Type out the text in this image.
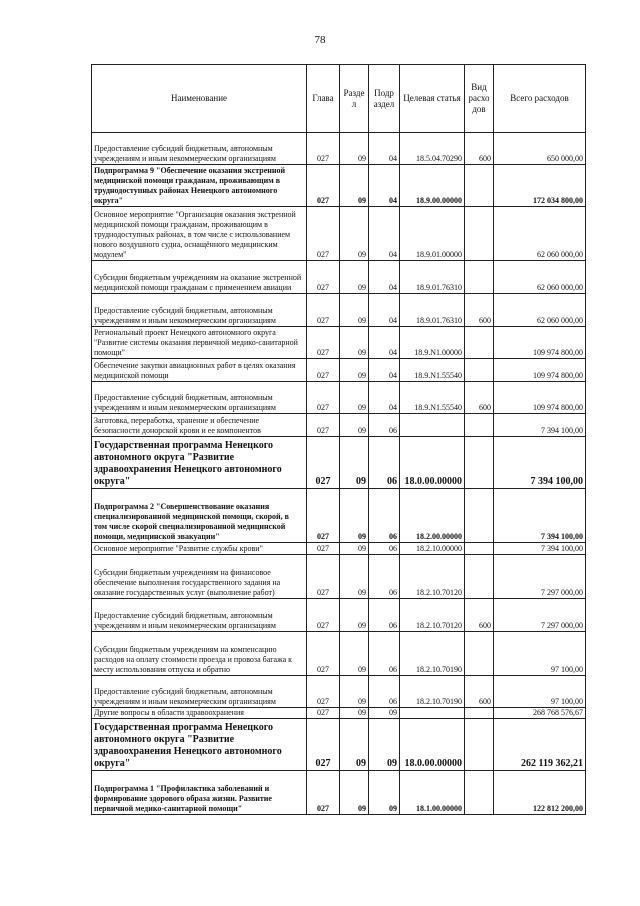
78
Наименование	Глава	Разде л	Подр аздел	Целевая статья	Вид расхо дов	Всего расходов
Предоставление субсидий бюджетным, автономным учреждениям и иным некоммерческим организациям	027	09	04	18.5.04.70290	600	650 000,00
Подпрограмма 9 "Обеспечение оказания экстренной медицинской помощи гражданам, проживающим в труднодоступных районах Ненецкого автономного округа"	027	09	04	18.9.00.00000		172 034 800,00
Основное мероприятие "Организация оказания экстренной медицинской помощи гражданам, проживающим в труднодоступных районах, в том числе с использованием нового воздушного судна, оснащённого медицинским модулем"	027	09	04	18.9.01.00000		62 060 000,00
Субсидии бюджетным учреждениям на оказание экстренной медицинской помощи гражданам с применением авиации	027	09	04	18.9.01.76310		62 060 000,00
Предоставление субсидий бюджетным, автономным учреждениям и иным некоммерческим организациям	027	09	04	18.9.01.76310	600	62 060 000,00
Региональный проект Ненецкого автономного округа "Развитие системы оказания первичной медико-санитарной помощи"	027	09	04	18.9.N1.00000		109 974 800,00
Обеспечение закупки авиационных работ в целях оказания медицинской помощи	027	09	04	18.9.N1.55540		109 974 800,00
Предоставление субсидий бюджетным, автономным учреждениям и иным некоммерческим организациям	027	09	04	18.9.N1.55540	600	109 974 800,00
Заготовка, переработка, хранение и обеспечение безопасности донорской крови и ее компонентов	027	09	06			7 394 100,00
Государственная программа Ненецкого автономного округа "Развитие здравоохранения Ненецкого автономного округа"	027	09	06	18.0.00.00000		7 394 100,00
Подпрограмма 2 "Совершенствование оказания специализированной медицинской помощи, скорой, в том числе скорой специализированной медицинской помощи, медицинской эвакуации"	027	09	06	18.2.00.00000		7 394 100,00
Основное мероприятие "Развитие службы крови"	027	09	06	18.2.10.00000		7 394 100,00
Субсидии бюджетным учреждениям на финансовое обеспечение выполнения государственного задания на оказание государственных услуг (выполнение работ)	027	09	06	18.2.10.70120		7 297 000,00
Предоставление субсидий бюджетным, автономным учреждениям и иным некоммерческим организациям	027	09	06	18.2.10.70120	600	7 297 000,00
Субсидии бюджетным учреждениям на компенсацию расходов на оплату стоимости проезда и провоза багажа к месту использования отпуска и обратно	027	09	06	18.2.10.70190		97 100,00
Предоставление субсидий бюджетным, автономным учреждениям и иным некоммерческим организациям	027	09	06	18.2.10.70190	600	97 100,00
Другие вопросы в области здравоохранения	027	09	09			268 768 576,67
Государственная программа Ненецкого автономного округа "Развитие здравоохранения Ненецкого автономного округа"	027	09	09	18.0.00.00000		262 119 362,21
Подпрограмма 1 "Профилактика заболеваний и формирование здорового образа жизни. Развитие первичной медико-санитарной помощи"	027	09	09	18.1.00.00000		122 812 200,00
